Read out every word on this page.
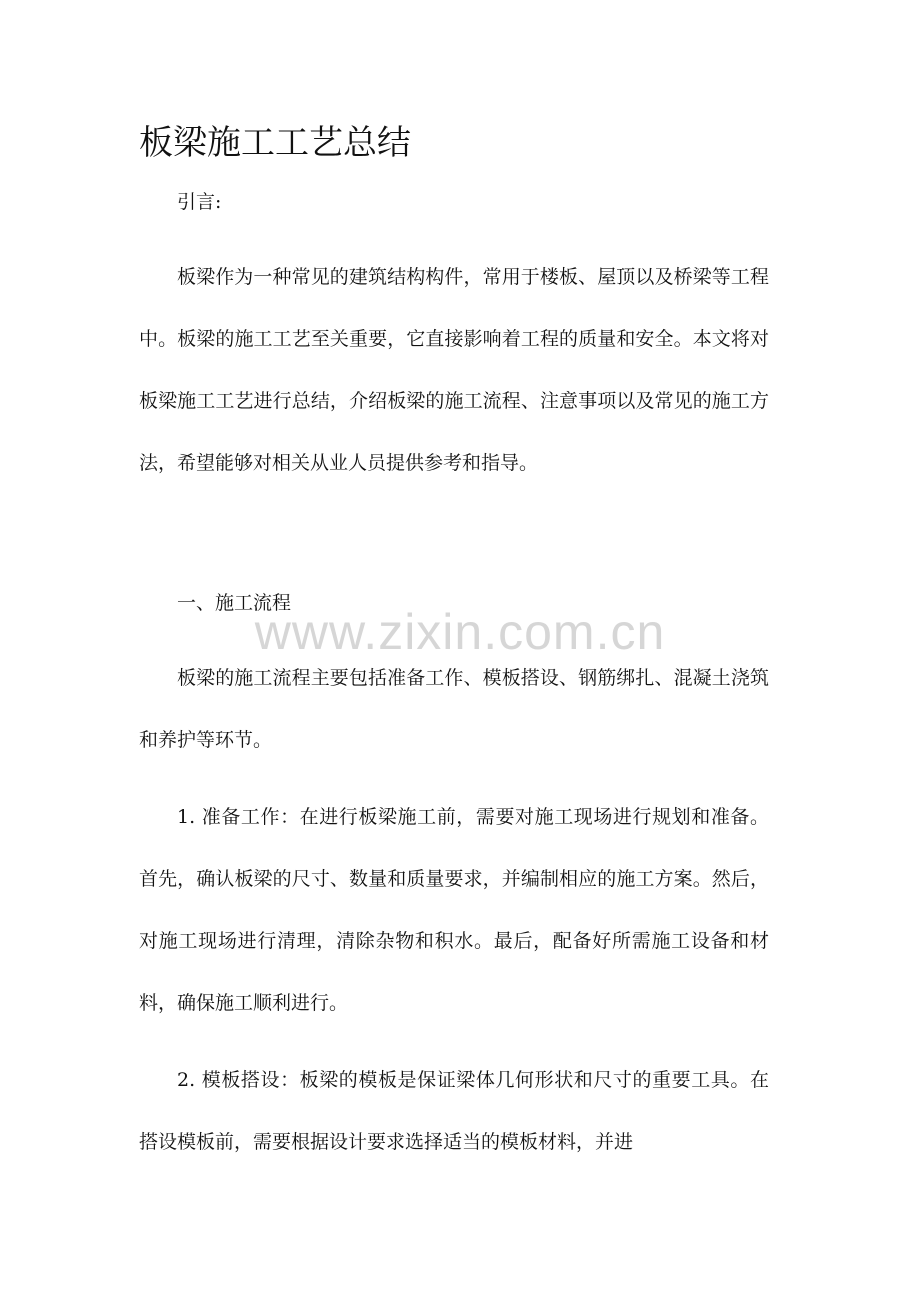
板梁施工工艺总结

引言:

板梁作为一种常见的建筑结构构件，常用于楼板、屋顶以及桥梁等工程中。板梁的施工工艺至关重要，它直接影响着工程的质量和安全。本文将对板梁施工工艺进行总结，介绍板梁的施工流程、注意事项以及常见的施工方法，希望能够对相关从业人员提供参考和指导。

一、施工流程

板梁的施工流程主要包括准备工作、模板搭设、钢筋绑扎、混凝土浇筑和养护等环节。

1. 准备工作：在进行板梁施工前，需要对施工现场进行规划和准备。首先，确认板梁的尺寸、数量和质量要求，并编制相应的施工方案。然后，对施工现场进行清理，清除杂物和积水。最后，配备好所需施工设备和材料，确保施工顺利进行。

2. 模板搭设：板梁的模板是保证梁体几何形状和尺寸的重要工具。在搭设模板前，需要根据设计要求选择适当的模板材料，并进

www.zixin.com.cn
